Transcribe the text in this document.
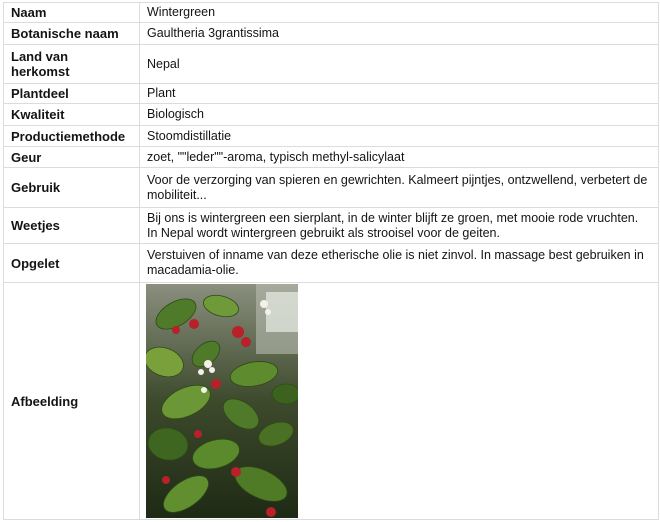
Naam	Wintergreen
Botanische naam	Gaultheria 3grantissima
Land van herkomst	Nepal
Plantdeel	Plant
Kwaliteit	Biologisch
Productiemethode	Stoomdistillatie
Geur	zoet, ""leder""-aroma, typisch methyl-salicylaat
Gebruik	Voor de verzorging van spieren en gewrichten. Kalmeert pijntjes, ontzwellend, verbetert de mobiliteit...
Weetjes	Bij ons is wintergreen een sierplant, in de winter blijft ze groen, met mooie rode vruchten. In Nepal wordt wintergreen gebruikt als strooisel voor de geiten.
Opgelet	Verstuiven of inname van deze etherische olie is niet zinvol. In massage best gebruiken in macadamia-olie.
Afbeelding	
